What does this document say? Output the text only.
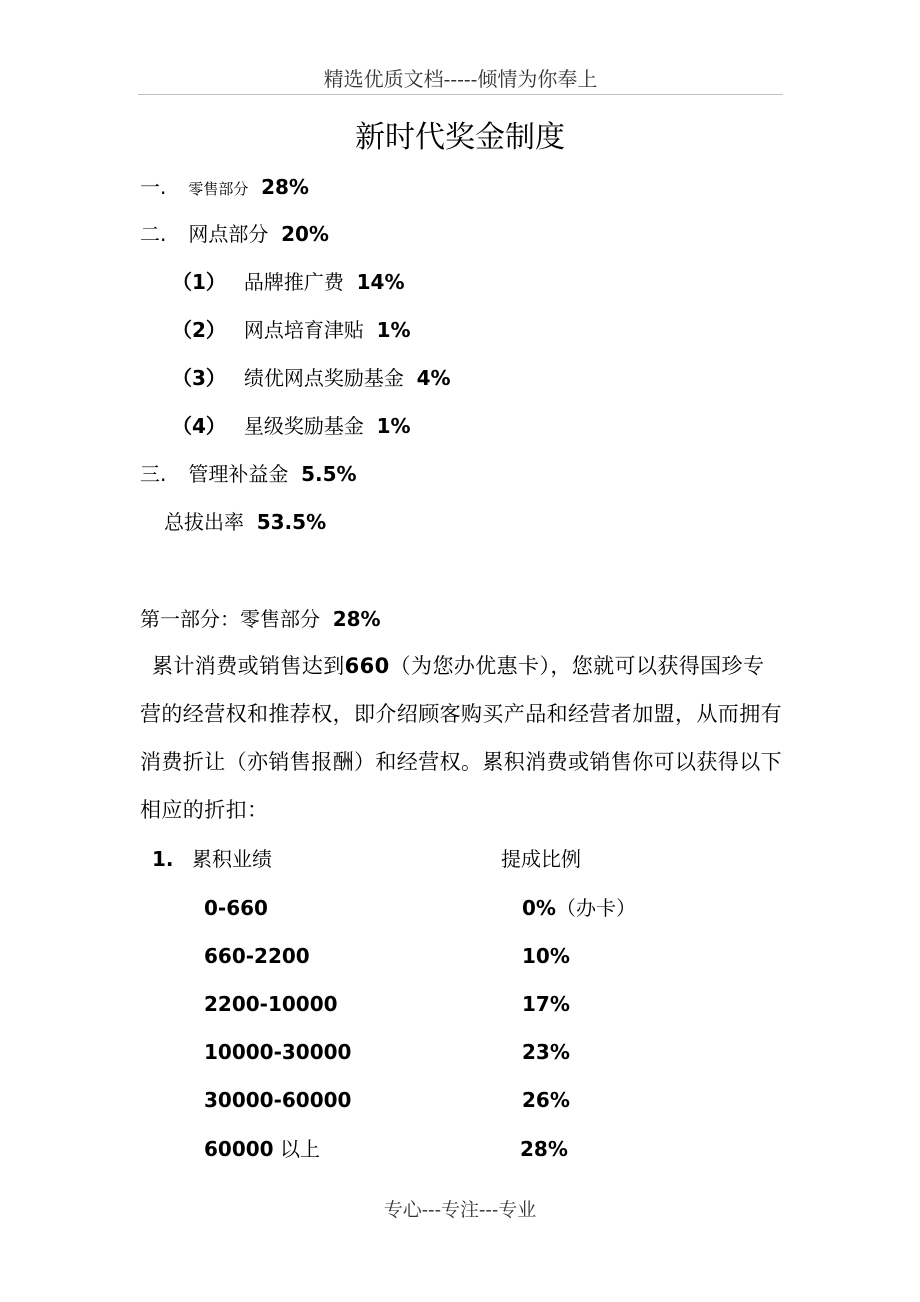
精选优质文档-----倾情为你奉上
新时代奖金制度
一. 零售部分 28%
二. 网点部分 20%
（1） 品牌推广费 14%
（2） 网点培育津贴 1%
（3） 绩优网点奖励基金 4%
（4） 星级奖励基金 1%
三. 管理补益金 5.5%
总拔出率 53.5%
第一部分：零售部分 28%
累计消费或销售达到660（为您办优惠卡），您就可以获得国珍专营的经营权和推荐权，即介绍顾客购买产品和经营者加盟，从而拥有消费折让（亦销售报酬）和经营权。累积消费或销售你可以获得以下相应的折扣：
1. 累积业绩	提成比例
0-660	0%（办卡）
660-2200	10%
2200-10000	17%
10000-30000	23%
30000-60000	26%
60000 以上	28%
专心---专注---专业
